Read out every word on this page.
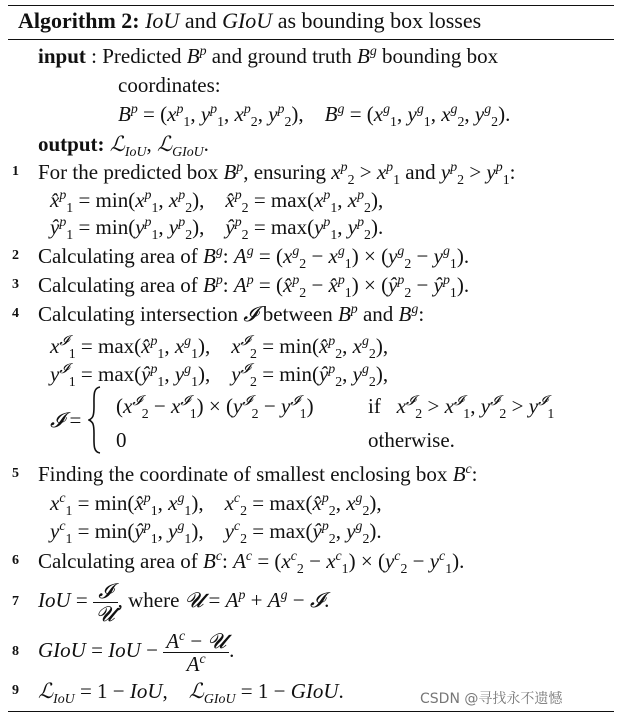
Algorithm 2: IoU and GIoU as bounding box losses
input : Predicted $B^p$ and ground truth $B^g$ bounding box
coordinates:
$B^p = (x^p_1$, $y^p_1$, $x^p_2$, $y^p_2$),    $B^g = (x^g_1$, $y^g_1$, $x^g_2$, $y^g_2$).
output: ℒ$_{IoU}$, ℒ$_{GIoU}$.
1 For the predicted box $B^p$, ensuring $x^p_2 > x^p_1$ and $y^p_2 > y^p_1$:
x̂$^p_1$ = $\min(x^p_1$, $x^p_2$),    x̂$^p_2$ = $\max(x^p_1$, $x^p_2$),
$ŷ^p_1 = \min(y^p_1$, $y^p_2$),    $ŷ^p_2 = \max(y^p_1$, $y^p_2$).
2 Calculating area of $B^g$: $A^g = (x^g_2 - x^g_1) \times (y^g_2 - y^g_1)$.
3 Calculating area of $B^p$: $A^p$ = (x̂$^p_2$ − x̂$^p_1$) × ($ŷ^p_2$ − $ŷ^p_1$).
4 Calculating intersection 𝓘 between $B^p$ and $B^g$:
$x^𝓘_1$ = max(x̂$^p_1$, $x^g_1$),    $x^𝓘_2$ = min(x̂$^p_2$, $x^g_2$),
$y^𝓘_1$ = $\max(ŷ^p_1$, $y^g_1$),    $y^𝓘_2$ = $\min(ŷ^p_2$, $y^g_2$),
𝓘 =
$(x^𝓘_2 - x^𝓘_1) \times (y^𝓘_2 - y^𝓘_1)$	if $x^𝓘_2 > x^𝓘_1$, $y^𝓘_2 > y^𝓘_1$
0	otherwise.
5 Finding the coordinate of smallest enclosing box $B^c$:
$x^c_1$ = min(x̂$^p_1$, $x^g_1$),    $x^c_2$ = max(x̂$^p_2$, $x^g_2$),
$y^c_1$ = $\min(ŷ^p_1$, $y^g_1$),    $y^c_2$ = $\max(ŷ^p_2$, $y^g_2$).
6 Calculating area of $B^c$: $A^c = (x^c_2 - x^c_1) \times (y^c_2 - y^c_1)$.
7 IoU = $\frac{\text{𝓘}}{\text{𝓤}}$ , where 𝓤 = $A^p + A^g$ − 𝓘.
8 GIoU = IoU − $\frac{A^c - 𝓤}{A^c}$ .
9 ℒ$_{IoU}$ = 1 − IoU,    ℒ$_{GIoU}$ = 1 − GIoU.	CSDN @寻找永不遗憾
